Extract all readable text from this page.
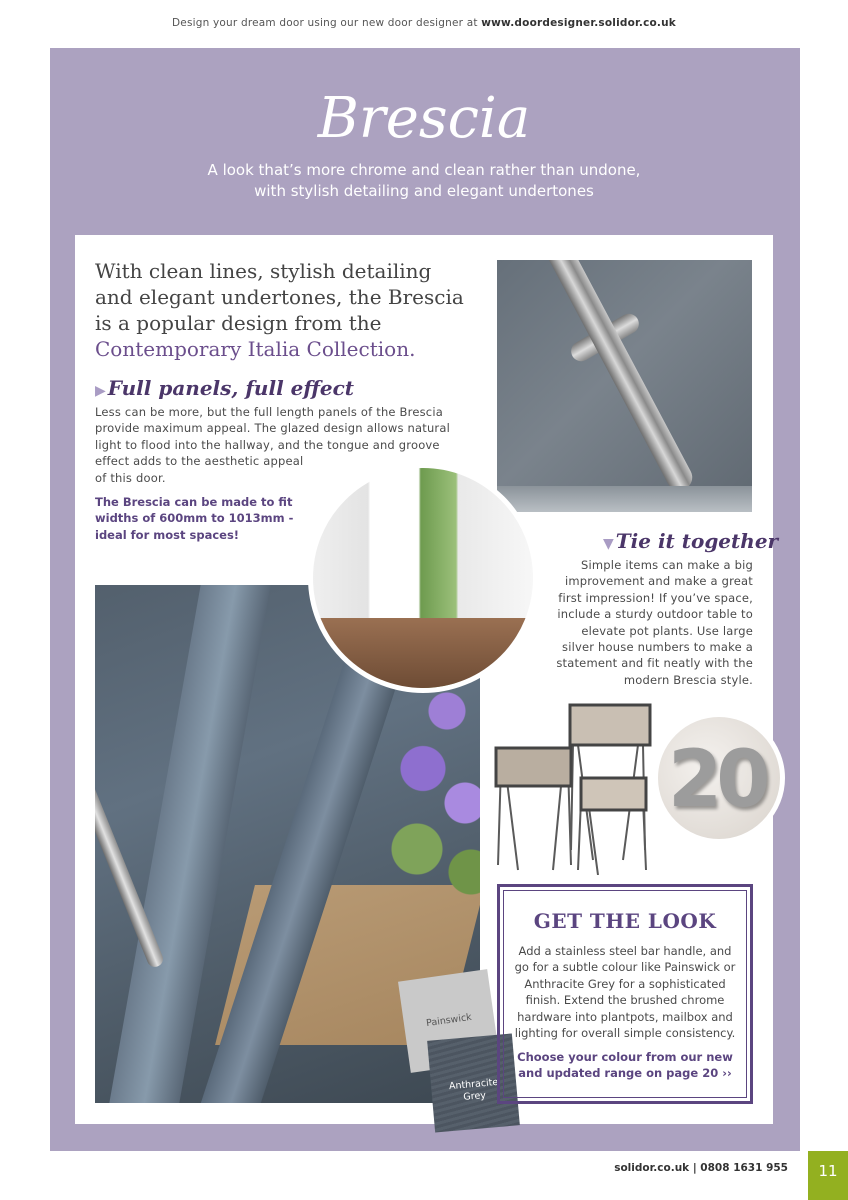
Design your dream door using our new door designer at www.doordesigner.solidor.co.uk
Brescia
A look that’s more chrome and clean rather than undone,
with stylish detailing and elegant undertones

With clean lines, stylish detailing and elegant undertones, the Brescia is a popular design from the Contemporary Italia Collection.

▶ Full panels, full effect

Less can be more, but the full length panels of the Brescia provide maximum appeal. The glazed design allows natural light to flood into the hallway, and the tongue and groove effect adds to the aesthetic appeal
of this door.

The Brescia can be made to fit widths of 600mm to 1013mm - ideal for most spaces!

▼ Tie it together

Simple items can make a big improvement and make a great first impression! If you’ve space, include a sturdy outdoor table to elevate pot plants. Use large silver house numbers to make a statement and fit neatly with the modern Brescia style.

20
Painswick
Anthracite
Grey
GET THE LOOK

Add a stainless steel bar handle, and go for a subtle colour like Painswick or Anthracite Grey for a sophisticated finish. Extend the brushed chrome hardware into plantpots, mailbox and lighting for overall simple consistency.

Choose your colour from our new and updated range on page 20 ››

solidor.co.uk | 0808 1631 955	11
